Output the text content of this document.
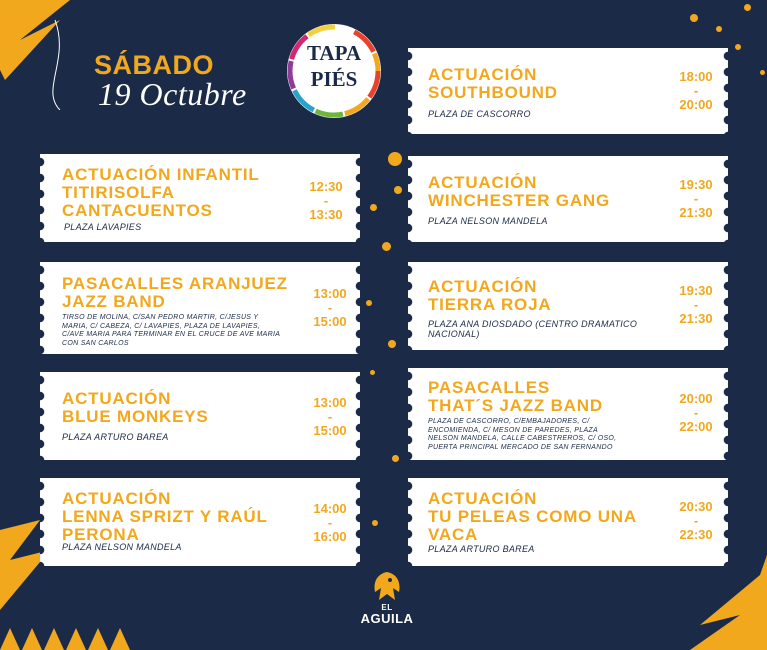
SÁBADO
19 Octubre
TAPA
PIÉS
ACTUACIÓN INFANTIL
TITIRISOLFA
CANTACUENTOS
PLAZA LAVAPIES
12:30
-
13:30
PASACALLES ARANJUEZ
JAZZ BAND
TIRSO DE MOLINA, C/SAN PEDRO MARTIR, C/JESUS Y
MARIA, C/ CABEZA, C/ LAVAPIES, PLAZA DE LAVAPIES,
C/AVE MARIA PARA TERMINAR EN EL CRUCE DE AVE MARIA
CON SAN CARLOS
13:00
-
15:00
ACTUACIÓN
BLUE MONKEYS
PLAZA ARTURO BAREA
13:00
-
15:00
ACTUACIÓN
LENNA SPRIZT Y RAÚL
PERONA
PLAZA NELSON MANDELA
14:00
-
16:00
ACTUACIÓN
SOUTHBOUND
PLAZA DE CASCORRO
18:00
-
20:00
ACTUACIÓN
WINCHESTER GANG
PLAZA NELSON MANDELA
19:30
-
21:30
ACTUACIÓN
TIERRA ROJA
PLAZA ANA DIOSDADO (CENTRO DRAMATICO
NACIONAL)
19:30
-
21:30
PASACALLES
THAT´S JAZZ BAND
PLAZA DE CASCORRO, C/EMBAJADORES, C/
ENCOMIENDA, C/ MESON DE PAREDES, PLAZA
NELSON MANDELA, CALLE CABESTREROS, C/ OSO,
PUERTA PRINCIPAL MERCADO DE SAN FERNANDO
20:00
-
22:00
ACTUACIÓN
TU PELEAS COMO UNA
VACA
PLAZA ARTURO BAREA
20:30
-
22:30
EL
AGUILA
